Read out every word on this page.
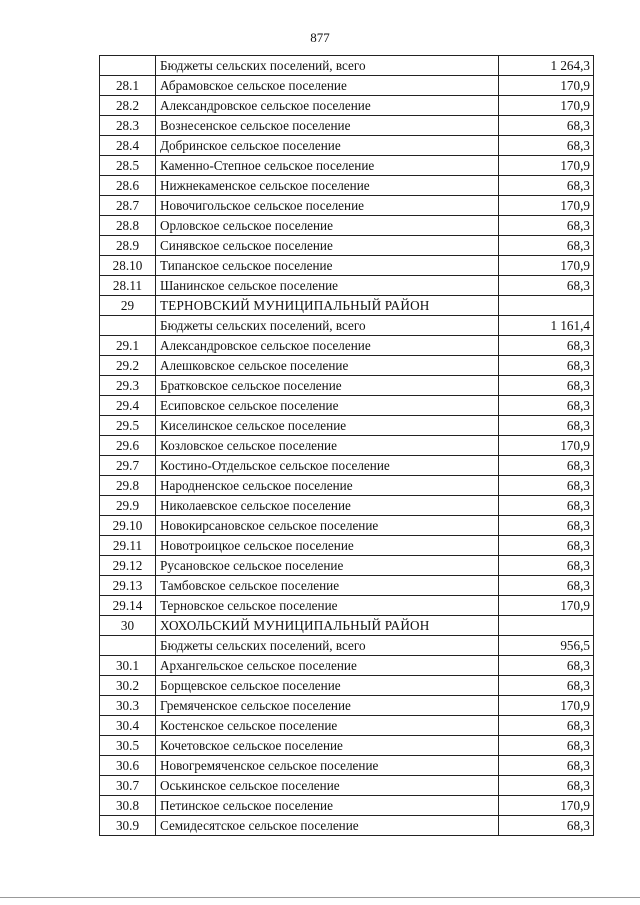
877
	Бюджеты сельских поселений, всего	1 264,3
28.1	Абрамовское сельское поселение	170,9
28.2	Александровское сельское поселение	170,9
28.3	Вознесенское сельское поселение	68,3
28.4	Добринское сельское поселение	68,3
28.5	Каменно-Степное сельское поселение	170,9
28.6	Нижнекаменское сельское поселение	68,3
28.7	Новочигольское сельское поселение	170,9
28.8	Орловское сельское поселение	68,3
28.9	Синявское сельское поселение	68,3
28.10	Типанское сельское поселение	170,9
28.11	Шанинское сельское поселение	68,3
29	ТЕРНОВСКИЙ МУНИЦИПАЛЬНЫЙ РАЙОН	
	Бюджеты сельских поселений, всего	1 161,4
29.1	Александровское сельское поселение	68,3
29.2	Алешковское сельское поселение	68,3
29.3	Братковское сельское поселение	68,3
29.4	Есиповское сельское поселение	68,3
29.5	Киселинское сельское поселение	68,3
29.6	Козловское сельское поселение	170,9
29.7	Костино-Отдельское сельское поселение	68,3
29.8	Народненское сельское поселение	68,3
29.9	Николаевское сельское поселение	68,3
29.10	Новокирсановское сельское поселение	68,3
29.11	Новотроицкое сельское поселение	68,3
29.12	Русановское сельское поселение	68,3
29.13	Тамбовское сельское поселение	68,3
29.14	Терновское сельское поселение	170,9
30	ХОХОЛЬСКИЙ МУНИЦИПАЛЬНЫЙ РАЙОН	
	Бюджеты сельских поселений, всего	956,5
30.1	Архангельское сельское поселение	68,3
30.2	Борщевское сельское поселение	68,3
30.3	Гремяченское сельское поселение	170,9
30.4	Костенское сельское поселение	68,3
30.5	Кочетовское сельское поселение	68,3
30.6	Новогремяченское сельское поселение	68,3
30.7	Оськинское сельское поселение	68,3
30.8	Петинское сельское поселение	170,9
30.9	Семидесятское сельское поселение	68,3
